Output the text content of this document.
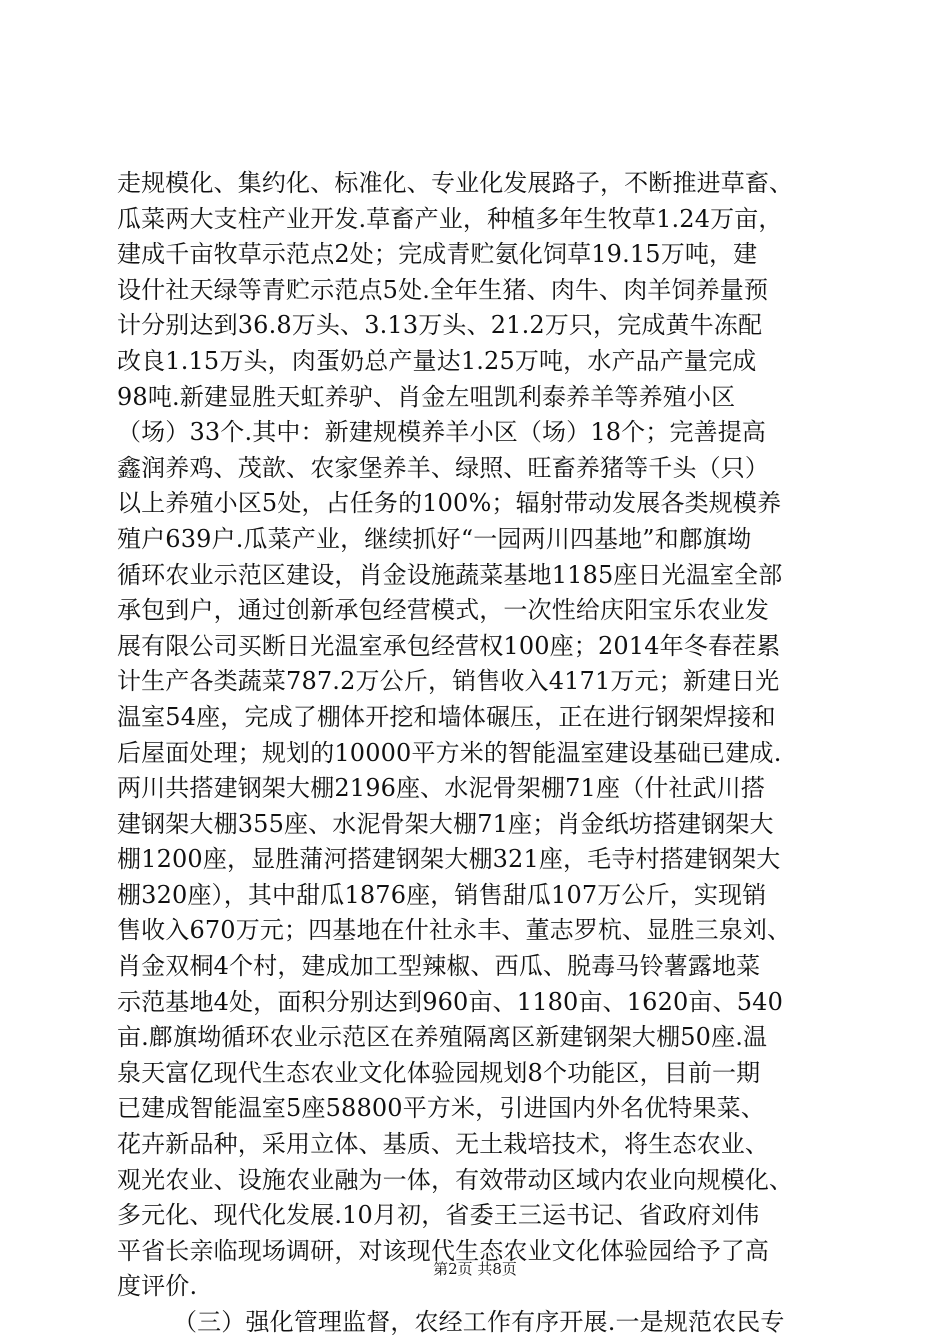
走规模化、集约化、标准化、专业化发展路子，不断推进草畜、
瓜菜两大支柱产业开发.草畜产业，种植多年生牧草1.24万亩，
建成千亩牧草示范点2处；完成青贮氨化饲草19.15万吨，建
设什社天绿等青贮示范点5处.全年生猪、肉牛、肉羊饲养量预
计分别达到36.8万头、3.13万头、21.2万只，完成黄牛冻配
改良1.15万头，肉蛋奶总产量达1.25万吨，水产品产量完成
98吨.新建显胜天虹养驴、肖金左咀凯利泰养羊等养殖小区
（场）33个.其中：新建规模养羊小区（场）18个；完善提高
鑫润养鸡、茂歆、农家堡养羊、绿照、旺畜养猪等千头（只）
以上养殖小区5处，占任务的100%；辐射带动发展各类规模养
殖户639户.瓜菜产业，继续抓好“一园两川四基地”和鄜旗坳
循环农业示范区建设，肖金设施蔬菜基地1185座日光温室全部
承包到户，通过创新承包经营模式，一次性给庆阳宝乐农业发
展有限公司买断日光温室承包经营权100座；2014年冬春茬累
计生产各类蔬菜787.2万公斤，销售收入4171万元；新建日光
温室54座，完成了棚体开挖和墙体碾压，正在进行钢架焊接和
后屋面处理；规划的10000平方米的智能温室建设基础已建成.
两川共搭建钢架大棚2196座、水泥骨架棚71座（什社武川搭
建钢架大棚355座、水泥骨架大棚71座；肖金纸坊搭建钢架大
棚1200座，显胜蒲河搭建钢架大棚321座，毛寺村搭建钢架大
棚320座），其中甜瓜1876座，销售甜瓜107万公斤，实现销
售收入670万元；四基地在什社永丰、董志罗杭、显胜三泉刘、
肖金双桐4个村，建成加工型辣椒、西瓜、脱毒马铃薯露地菜
示范基地4处，面积分别达到960亩、1180亩、1620亩、540
亩.鄜旗坳循环农业示范区在养殖隔离区新建钢架大棚50座.温
泉天富亿现代生态农业文化体验园规划8个功能区，目前一期
已建成智能温室5座58800平方米，引进国内外名优特果菜、
花卉新品种，采用立体、基质、无土栽培技术，将生态农业、
观光农业、设施农业融为一体，有效带动区域内农业向规模化、
多元化、现代化发展.10月初，省委王三运书记、省政府刘伟
平省长亲临现场调研，对该现代生态农业文化体验园给予了高
度评价.
（三）强化管理监督，农经工作有序开展.一是规范农民专
第2页 共8页
